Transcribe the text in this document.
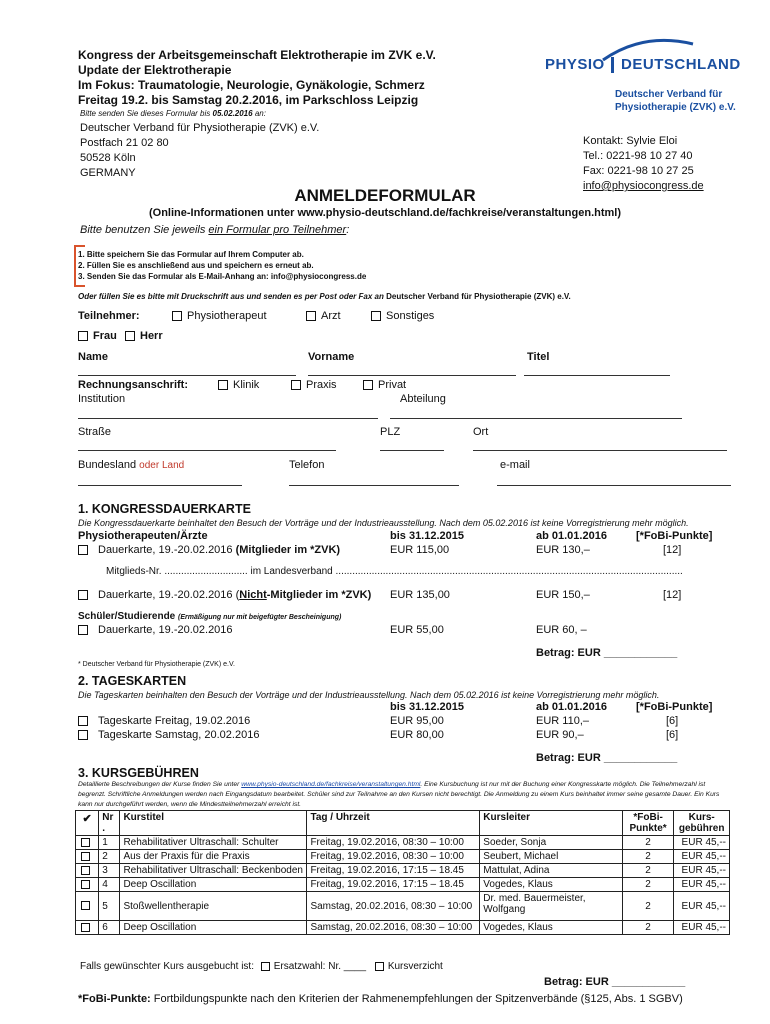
Kongress der Arbeitsgemeinschaft Elektrotherapie im ZVK e.V.
Update der Elektrotherapie
Im Fokus: Traumatologie, Neurologie, Gynäkologie, Schmerz
Freitag 19.2. bis Samstag 20.2.2016, im Parkschloss Leipzig
Bitte senden Sie dieses Formular bis 05.02.2016 an:
PHYSIO DEUTSCHLAND
Deutscher Verband für
Physiotherapie (ZVK) e.V.
Deutscher Verband für Physiotherapie (ZVK) e.V.
Postfach 21 02 80
50528 Köln
GERMANY
Kontakt: Sylvie Eloi
Tel.: 0221-98 10 27 40
Fax: 0221-98 10 27 25
info@physiocongress.de
ANMELDEFORMULAR
(Online-Informationen unter www.physio-deutschland.de/fachkreise/veranstaltungen.html)
Bitte benutzen Sie jeweils ein Formular pro Teilnehmer:
1. Bitte speichern Sie das Formular auf Ihrem Computer ab.
2. Füllen Sie es anschließend aus und speichern es erneut ab.
3. Senden Sie das Formular als E-Mail-Anhang an: info@physiocongress.de
Oder füllen Sie es bitte mit Druckschrift aus und senden es per Post oder Fax an Deutscher Verband für Physiotherapie (ZVK) e.V.
Teilnehmer:	Physiotherapeut	Arzt	Sonstiges
Frau	Herr
Name	Vorname	Titel
Rechnungsanschrift:	Klinik	Praxis	Privat
Institution	Abteilung
Straße	PLZ	Ort
Bundesland oder Land	Telefon	e-mail
1. KONGRESSDAUERKARTE
Die Kongressdauerkarte beinhaltet den Besuch der Vorträge und der Industrieausstellung. Nach dem 05.02.2016 ist keine Vorregistrierung mehr möglich.
Physiotherapeuten/Ärzte	bis 31.12.2015	ab 01.01.2016	[*FoBi-Punkte]
Dauerkarte, 19.-20.02.2016 (Mitglieder im *ZVK)	EUR 115,00	EUR 130,–	[12]
Mitglieds-Nr. .............................. im Landesverband .............................................................................................................................
Dauerkarte, 19.-20.02.2016 (Nicht-Mitglieder im *ZVK) EUR 135,00	EUR 150,–	[12]
Schüler/Studierende (Ermäßigung nur mit beigefügter Bescheinigung)
Dauerkarte, 19.-20.02.2016	EUR 55,00	EUR 60, –
Betrag: EUR ____________
* Deutscher Verband für Physiotherapie (ZVK) e.V.
2. TAGESKARTEN
Die Tageskarten beinhalten den Besuch der Vorträge und der Industrieausstellung. Nach dem 05.02.2016 ist keine Vorregistrierung mehr möglich.
bis 31.12.2015	ab 01.01.2016	[*FoBi-Punkte]
Tageskarte Freitag, 19.02.2016	EUR 95,00	EUR 110,–	[6]
Tageskarte Samstag, 20.02.2016	EUR 80,00	EUR 90,–	[6]
Betrag: EUR ____________
3. KURSGEBÜHREN
Detaillierte Beschreibungen der Kurse finden Sie unter www.physio-deutschland.de/fachkreise/veranstaltungen.html. Eine Kursbuchung ist nur mit der Buchung einer Kongresskarte möglich. Die Teilnehmerzahl ist begrenzt. Schriftliche Anmeldungen werden nach Eingangsdatum bearbeitet. Schüler sind zur Teilnahme an den Kursen nicht berechtigt. Die Anmeldung zu einem Kurs beinhaltet immer seine gesamte Dauer. Ein Kurs kann nur durchgeführt werden, wenn die Mindestteilnehmerzahl erreicht ist.
✔	Nr .	Kurstitel	Tag / Uhrzeit	Kursleiter	*FoBi-Punkte*	Kurs-gebühren
	1	Rehabilitativer Ultraschall: Schulter	Freitag, 19.02.2016, 08:30 – 10:00	Soeder, Sonja	2	EUR 45,--
	2	Aus der Praxis für die Praxis	Freitag, 19.02.2016, 08:30 – 10:00	Seubert, Michael	2	EUR 45,--
	3	Rehabilitativer Ultraschall: Beckenboden	Freitag, 19.02.2016, 17:15 – 18.45	Mattulat, Adina	2	EUR 45,--
	4	Deep Oscillation	Freitag, 19.02.2016, 17:15 – 18.45	Vogedes, Klaus	2	EUR 45,--
	5	Stoßwellentherapie	Samstag, 20.02.2016, 08:30 – 10:00	Dr. med. Bauermeister, Wolfgang	2	EUR 45,--
	6	Deep Oscillation	Samstag, 20.02.2016, 08:30 – 10:00	Vogedes, Klaus	2	EUR 45,--
Falls gewünschter Kurs ausgebucht ist: Ersatzwahl: Nr. ____ Kursverzicht
Betrag: EUR ____________
*FoBi-Punkte: Fortbildungspunkte nach den Kriterien der Rahmenempfehlungen der Spitzenverbände (§125, Abs. 1 SGBV)
